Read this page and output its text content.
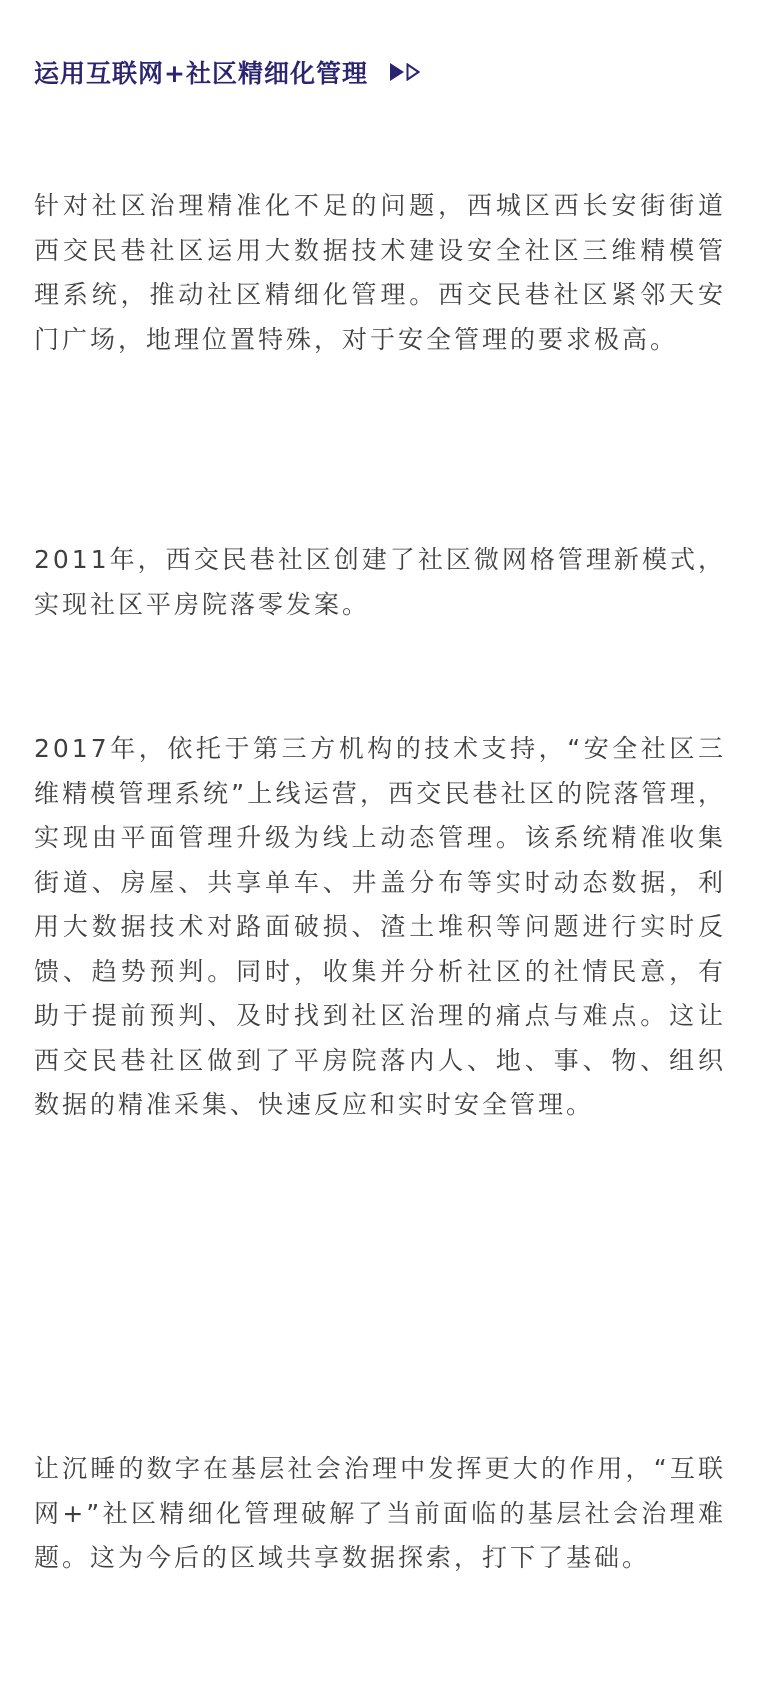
运用互联网+社区精细化管理

针对社区治理精准化不足的问题，西城区西长安街街道西交民巷社区运用大数据技术建设安全社区三维精模管理系统，推动社区精细化管理。西交民巷社区紧邻天安门广场，地理位置特殊，对于安全管理的要求极高。

2011年，西交民巷社区创建了社区微网格管理新模式，实现社区平房院落零发案。

2017年，依托于第三方机构的技术支持，“安全社区三维精模管理系统”上线运营，西交民巷社区的院落管理，实现由平面管理升级为线上动态管理。该系统精准收集街道、房屋、共享单车、井盖分布等实时动态数据，利用大数据技术对路面破损、渣土堆积等问题进行实时反馈、趋势预判。同时，收集并分析社区的社情民意，有助于提前预判、及时找到社区治理的痛点与难点。这让西交民巷社区做到了平房院落内人、地、事、物、组织数据的精准采集、快速反应和实时安全管理。

让沉睡的数字在基层社会治理中发挥更大的作用，“互联网+”社区精细化管理破解了当前面临的基层社会治理难题。这为今后的区域共享数据探索，打下了基础。
